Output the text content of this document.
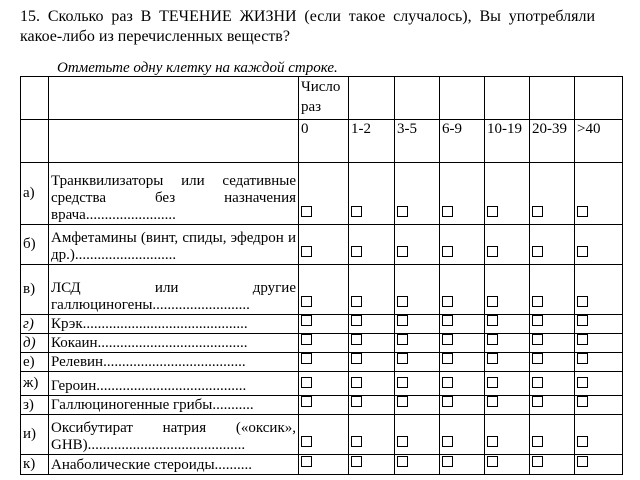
15. Сколько раз В ТЕЧЕНИЕ ЖИЗНИ (если такое случалось), Вы употребляли какое-либо из перечисленных веществ?
Отметьте одну клетку на каждой строке.

		Число раз						

		0	1-2	3-5	6-9	10-19	20-39	>40

а)	Транквилизаторы или седативные средства без назначения врача........................							

б)	Амфетамины (винт, спиды, эфедрон и др.)...........................							

в)	ЛСД или другие галлюциногены..........................							

г)	Крэк............................................							

д)	Кокаин........................................							

е)	Релевин......................................							

ж)	Героин........................................							

з)	Галлюциногенные грибы...........							

и)	Оксибутират натрия («оксик», GHB)..........................................							

к)	Анаболические стероиды..........							
